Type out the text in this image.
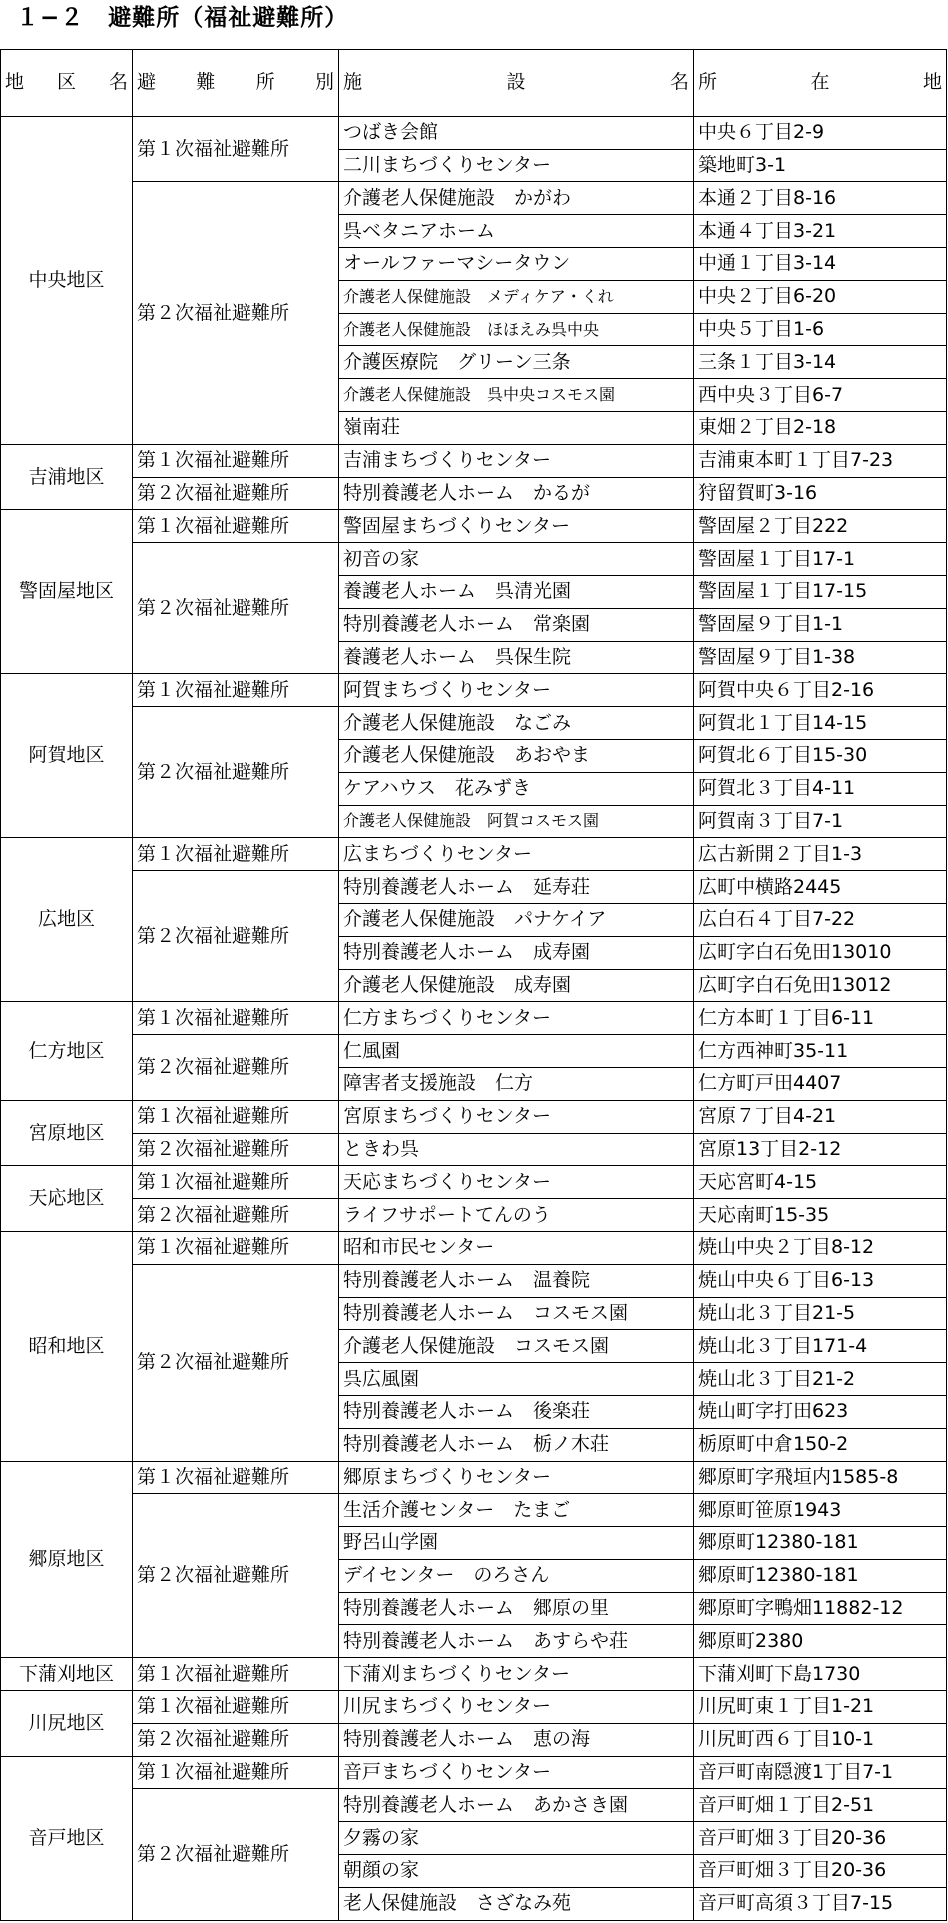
１−２　避難所（福祉避難所）
地 区 名	避 難 所 別	施 設 名	所 在 地

中央地区	第１次福祉避難所	つばき会館	中央６丁目2-9
		二川まちづくりセンター	築地町3-1
	第２次福祉避難所	介護老人保健施設　かがわ	本通２丁目8-16
		呉ベタニアホーム	本通４丁目3-21
		オールファーマシータウン	中通１丁目3-14
		介護老人保健施設　メディケア・くれ	中央２丁目6-20
		介護老人保健施設　ほほえみ呉中央	中央５丁目1-6
		介護医療院　グリーン三条	三条１丁目3-14
		介護老人保健施設　呉中央コスモス園	西中央３丁目6-7
		嶺南荘	東畑２丁目2-18
吉浦地区	第１次福祉避難所	吉浦まちづくりセンター	吉浦東本町１丁目7-23
	第２次福祉避難所	特別養護老人ホーム　かるが	狩留賀町3-16
警固屋地区	第１次福祉避難所	警固屋まちづくりセンター	警固屋２丁目222
	第２次福祉避難所	初音の家	警固屋１丁目17-1
		養護老人ホーム　呉清光園	警固屋１丁目17-15
		特別養護老人ホーム　常楽園	警固屋９丁目1-1
		養護老人ホーム　呉保生院	警固屋９丁目1-38
阿賀地区	第１次福祉避難所	阿賀まちづくりセンター	阿賀中央６丁目2-16
	第２次福祉避難所	介護老人保健施設　なごみ	阿賀北１丁目14-15
		介護老人保健施設　あおやま	阿賀北６丁目15-30
		ケアハウス　花みずき	阿賀北３丁目4-11
		介護老人保健施設　阿賀コスモス園	阿賀南３丁目7-1
広地区	第１次福祉避難所	広まちづくりセンター	広古新開２丁目1-3
	第２次福祉避難所	特別養護老人ホーム　延寿荘	広町中横路2445
		介護老人保健施設　パナケイア	広白石４丁目7-22
		特別養護老人ホーム　成寿園	広町字白石免田13010
		介護老人保健施設　成寿園	広町字白石免田13012
仁方地区	第１次福祉避難所	仁方まちづくりセンター	仁方本町１丁目6-11
	第２次福祉避難所	仁風園	仁方西神町35-11
		障害者支援施設　仁方	仁方町戸田4407
宮原地区	第１次福祉避難所	宮原まちづくりセンター	宮原７丁目4-21
	第２次福祉避難所	ときわ呉	宮原13丁目2-12
天応地区	第１次福祉避難所	天応まちづくりセンター	天応宮町4-15
	第２次福祉避難所	ライフサポートてんのう	天応南町15-35
昭和地区	第１次福祉避難所	昭和市民センター	焼山中央２丁目8-12
	第２次福祉避難所	特別養護老人ホーム　温養院	焼山中央６丁目6-13
		特別養護老人ホーム　コスモス園	焼山北３丁目21-5
		介護老人保健施設　コスモス園	焼山北３丁目171-4
		呉広風園	焼山北３丁目21-2
		特別養護老人ホーム　後楽荘	焼山町字打田623
		特別養護老人ホーム　栃ノ木荘	栃原町中倉150-2
郷原地区	第１次福祉避難所	郷原まちづくりセンター	郷原町字飛垣内1585-8
	第２次福祉避難所	生活介護センター　たまご	郷原町笹原1943
		野呂山学園	郷原町12380-181
		デイセンター　のろさん	郷原町12380-181
		特別養護老人ホーム　郷原の里	郷原町字鴨畑11882-12
		特別養護老人ホーム　あすらや荘	郷原町2380
下蒲刈地区	第１次福祉避難所	下蒲刈まちづくりセンター	下蒲刈町下島1730
川尻地区	第１次福祉避難所	川尻まちづくりセンター	川尻町東１丁目1-21
	第２次福祉避難所	特別養護老人ホーム　恵の海	川尻町西６丁目10-1
音戸地区	第１次福祉避難所	音戸まちづくりセンター	音戸町南隠渡1丁目7-1
	第２次福祉避難所	特別養護老人ホーム　あかさき園	音戸町畑１丁目2-51
		夕霧の家	音戸町畑３丁目20-36
		朝顔の家	音戸町畑３丁目20-36
		老人保健施設　さざなみ苑	音戸町高須３丁目7-15
